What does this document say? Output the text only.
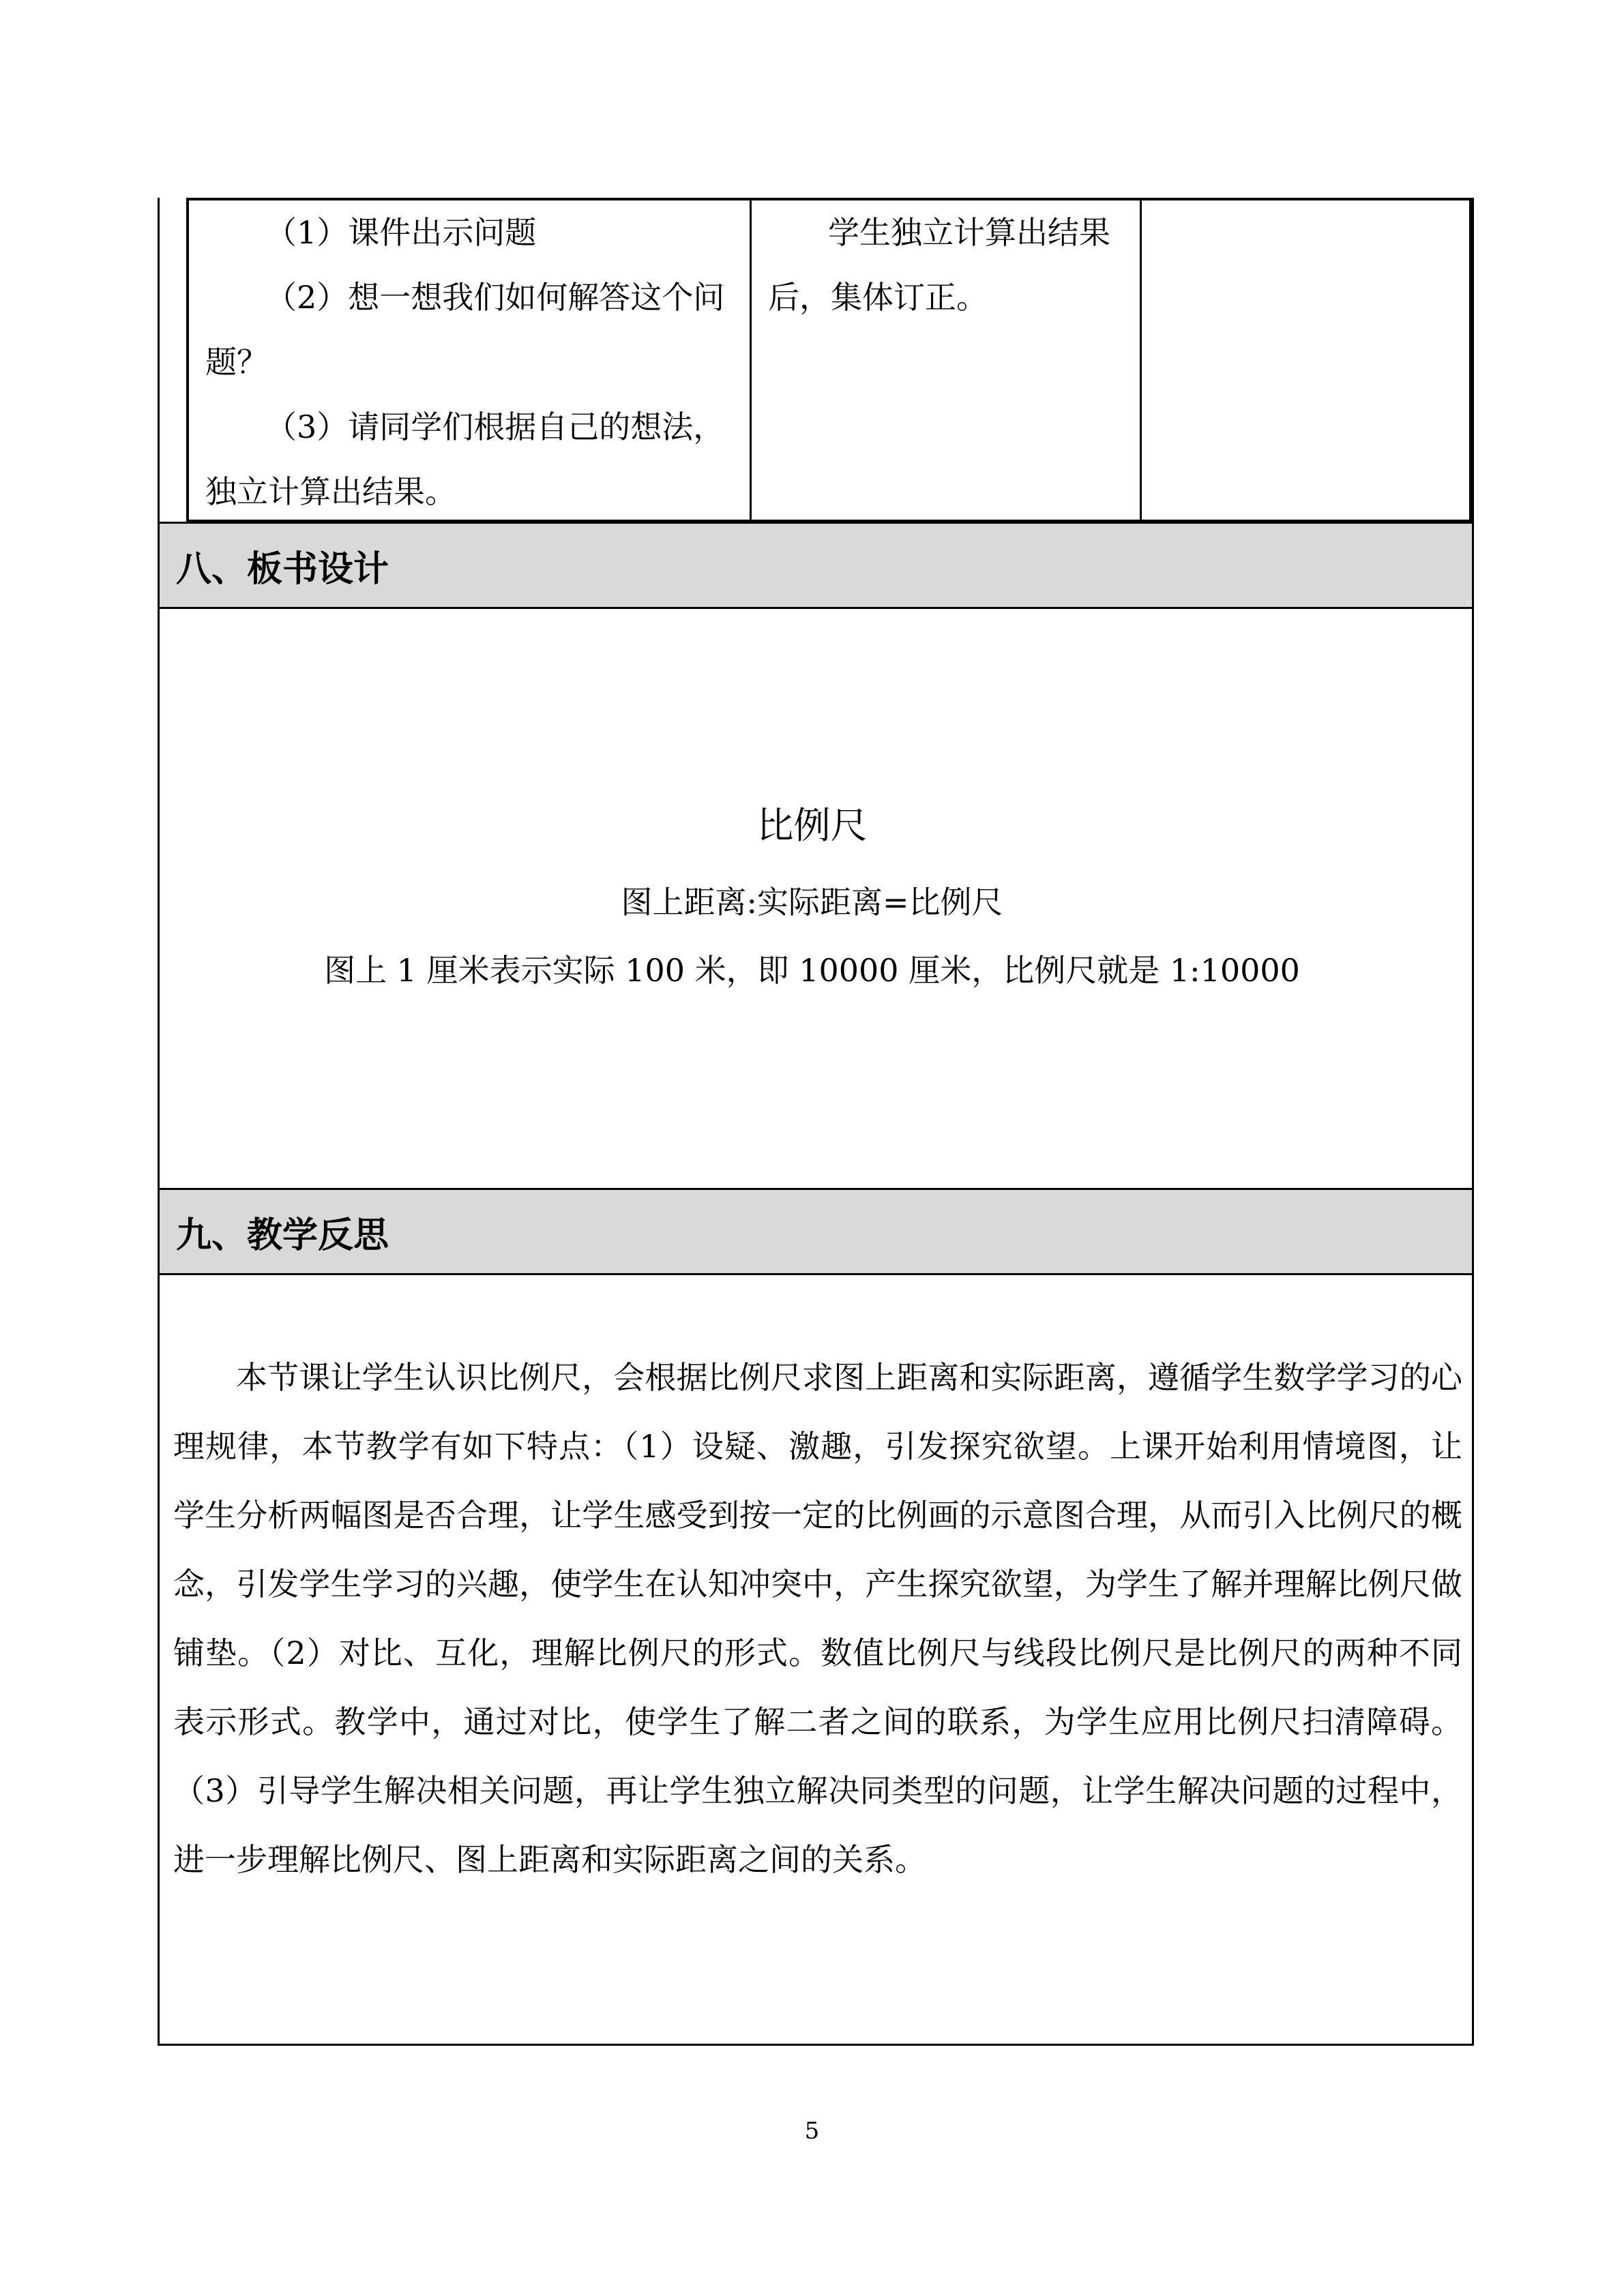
（1）课件出示问题

（2）想一想我们如何解答这个问题？

（3）请同学们根据自己的想法，独立计算出结果。

学生独立计算出结果后，集体订正。

八、板书设计
比例尺
图上距离:实际距离=比例尺
图上 1 厘米表示实际 100 米，即 10000 厘米，比例尺就是 1:10000
九、教学反思

本节课让学生认识比例尺，会根据比例尺求图上距离和实际距离，遵循学生数学学习的心理规律，本节教学有如下特点：（1）设疑、激趣，引发探究欲望。上课开始利用情境图，让学生分析两幅图是否合理，让学生感受到按一定的比例画的示意图合理，从而引入比例尺的概念，引发学生学习的兴趣，使学生在认知冲突中，产生探究欲望，为学生了解并理解比例尺做铺垫。（2）对比、互化，理解比例尺的形式。数值比例尺与线段比例尺是比例尺的两种不同表示形式。教学中，通过对比，使学生了解二者之间的联系，为学生应用比例尺扫清障碍。（3）引导学生解决相关问题，再让学生独立解决同类型的问题，让学生解决问题的过程中，进一步理解比例尺、图上距离和实际距离之间的关系。

5
